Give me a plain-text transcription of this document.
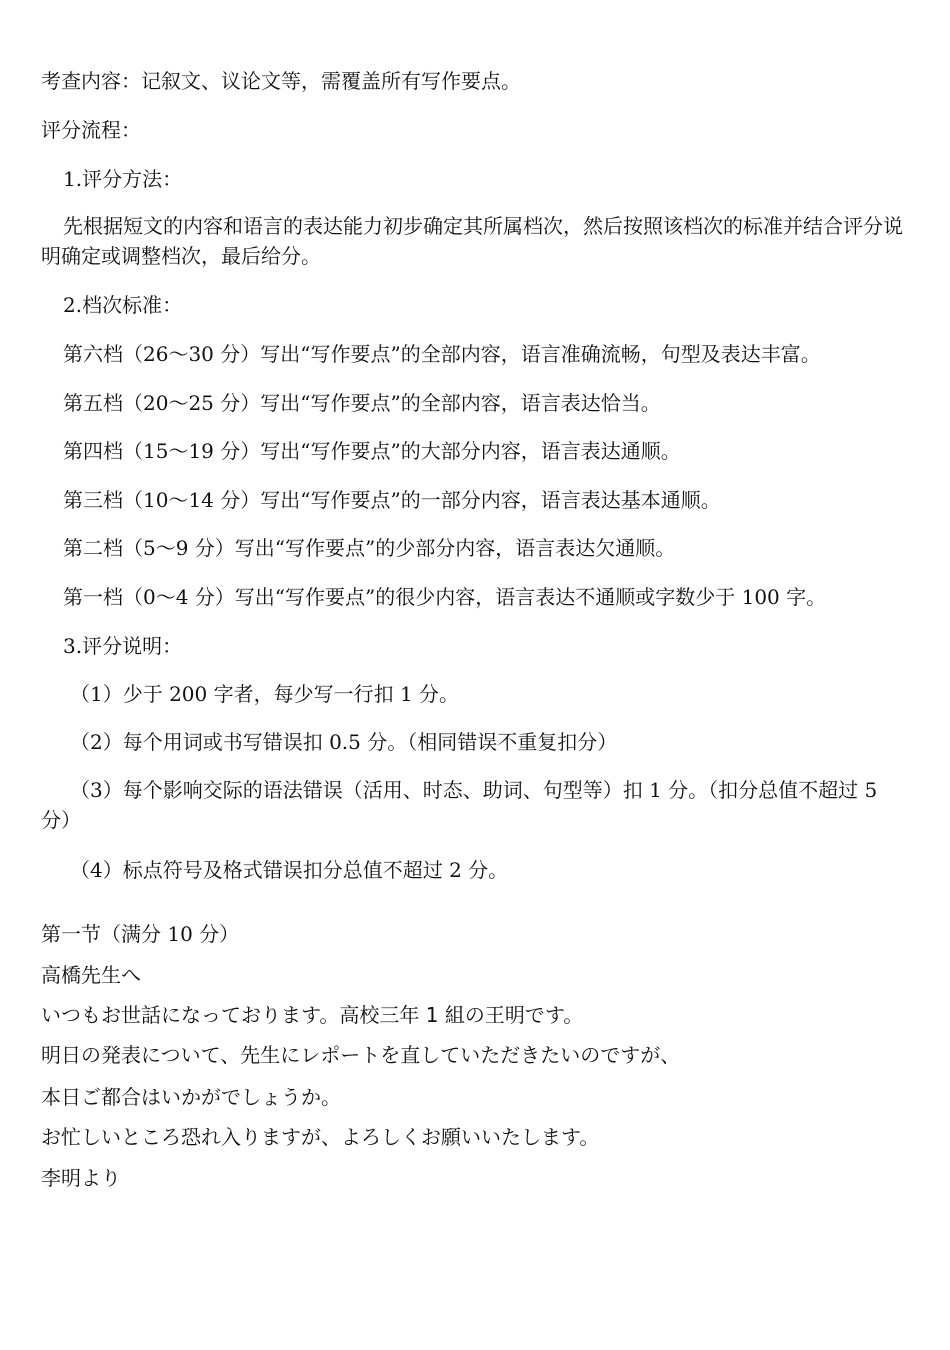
考查内容：记叙文、议论文等，需覆盖所有写作要点。
评分流程：
1.评分方法：
先根据短文的内容和语言的表达能力初步确定其所属档次，然后按照该档次的标准并结合评分说明确定或调整档次，最后给分。
2.档次标准：
第六档（26～30 分）写出“写作要点”的全部内容，语言准确流畅，句型及表达丰富。
第五档（20～25 分）写出“写作要点”的全部内容，语言表达恰当。
第四档（15～19 分）写出“写作要点”的大部分内容，语言表达通顺。
第三档（10～14 分）写出“写作要点”的一部分内容，语言表达基本通顺。
第二档（5～9 分）写出“写作要点”的少部分内容，语言表达欠通顺。
第一档（0～4 分）写出“写作要点”的很少内容，语言表达不通顺或字数少于 100 字。
3.评分说明：
（1）少于 200 字者，每少写一行扣 1 分。
（2）每个用词或书写错误扣 0.5 分。（相同错误不重复扣分）
（3）每个影响交际的语法错误（活用、时态、助词、句型等）扣 1 分。（扣分总值不超过 5 分）
（4）标点符号及格式错误扣分总值不超过 2 分。
第一节（满分 10 分）
高橋先生へ
いつもお世話になっております。高校三年 1 組の王明です。
明日の発表について、先生にレポートを直していただきたいのですが、
本日ご都合はいかがでしょうか。
お忙しいところ恐れ入りますが、よろしくお願いいたします。
李明より
